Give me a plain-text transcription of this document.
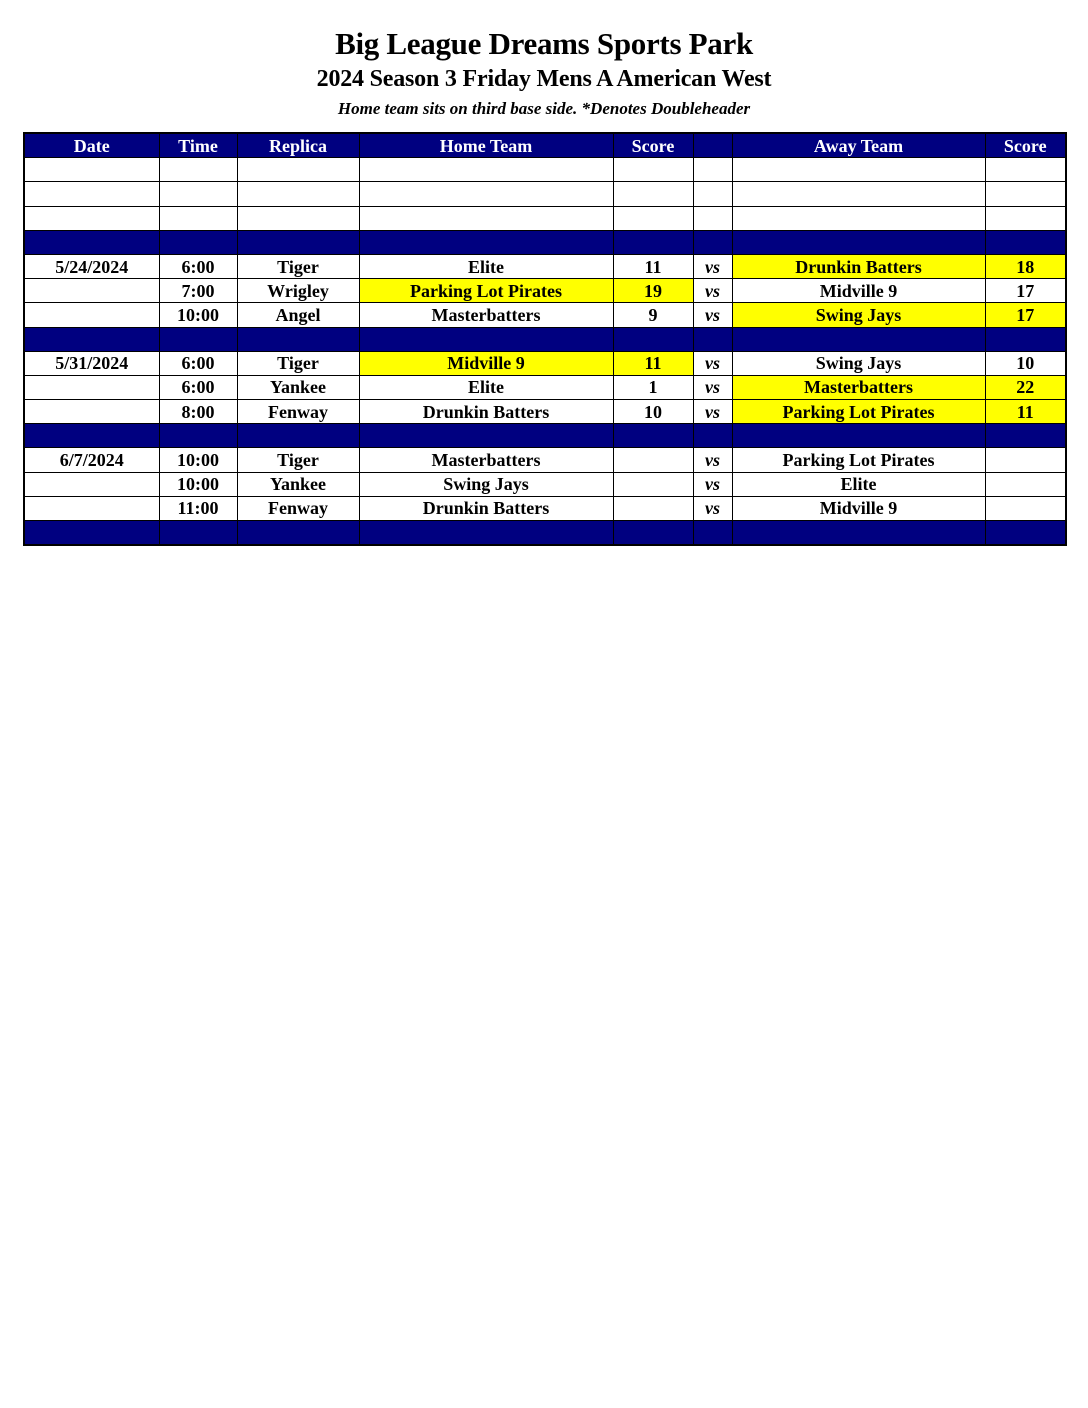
Big League Dreams Sports Park
2024 Season 3 Friday Mens A American West
Home team sits on third base side. *Denotes Doubleheader
Date	Time	Replica	Home Team	Score		Away Team	Score

5/24/2024	6:00	Tiger	Elite	11	vs	Drunkin Batters	18
	7:00	Wrigley	Parking Lot Pirates	19	vs	Midville 9	17
	10:00	Angel	Masterbatters	9	vs	Swing Jays	17

5/31/2024	6:00	Tiger	Midville 9	11	vs	Swing Jays	10
	6:00	Yankee	Elite	1	vs	Masterbatters	22
	8:00	Fenway	Drunkin Batters	10	vs	Parking Lot Pirates	11

6/7/2024	10:00	Tiger	Masterbatters		vs	Parking Lot Pirates	
	10:00	Yankee	Swing Jays		vs	Elite	
	11:00	Fenway	Drunkin Batters		vs	Midville 9	
